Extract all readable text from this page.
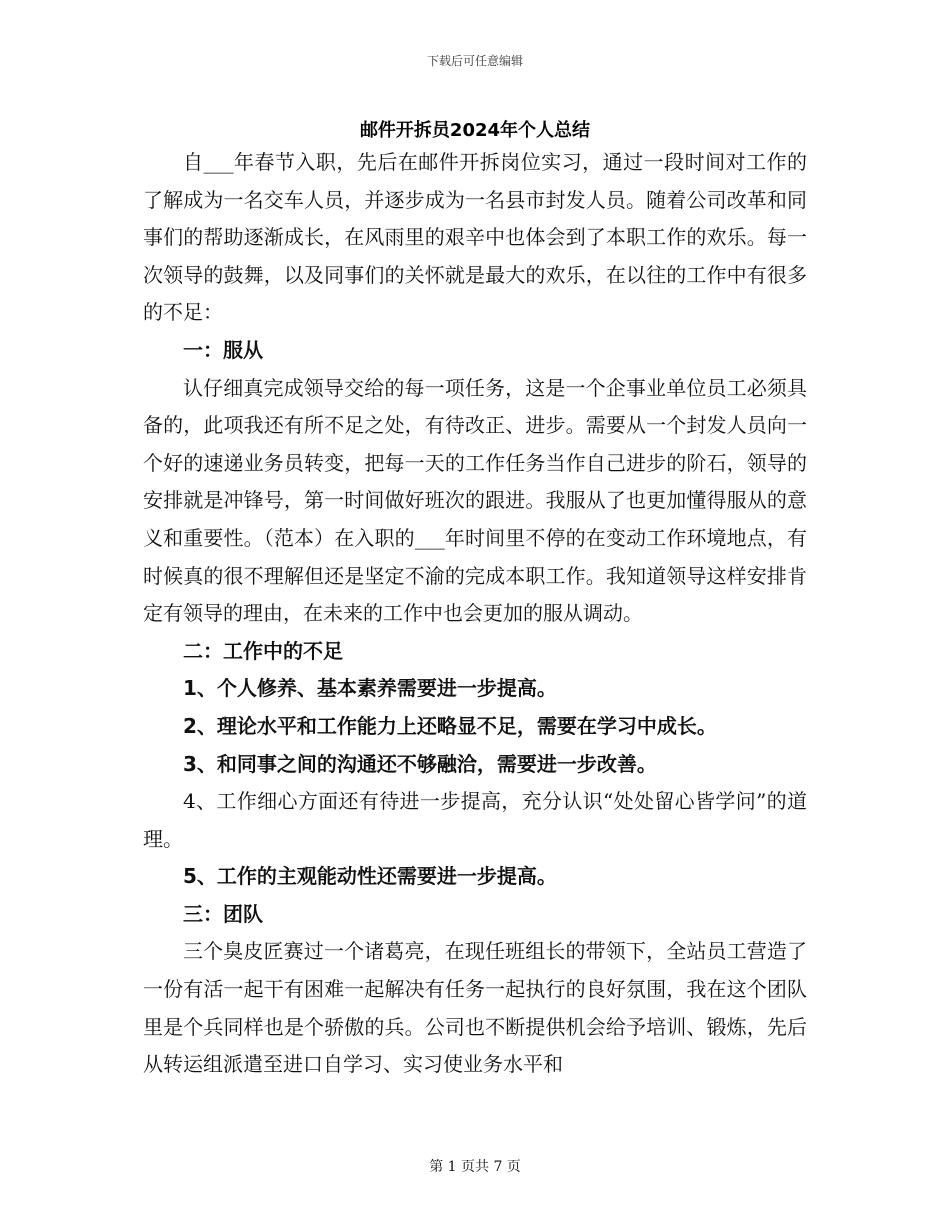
下载后可任意编辑
邮件开拆员2024年个人总结

自___年春节入职，先后在邮件开拆岗位实习，通过一段时间对工作的了解成为一名交车人员，并逐步成为一名县市封发人员。随着公司改革和同事们的帮助逐渐成长，在风雨里的艰辛中也体会到了本职工作的欢乐。每一次领导的鼓舞，以及同事们的关怀就是最大的欢乐，在以往的工作中有很多的不足：

一：服从

认仔细真完成领导交给的每一项任务，这是一个企事业单位员工必须具备的，此项我还有所不足之处，有待改正、进步。需要从一个封发人员向一个好的速递业务员转变，把每一天的工作任务当作自己进步的阶石，领导的安排就是冲锋号，第一时间做好班次的跟进。我服从了也更加懂得服从的意义和重要性。（范本）在入职的___年时间里不停的在变动工作环境地点，有时候真的很不理解但还是坚定不渝的完成本职工作。我知道领导这样安排肯定有领导的理由，在未来的工作中也会更加的服从调动。

二：工作中的不足

1、个人修养、基本素养需要进一步提高。

2、理论水平和工作能力上还略显不足，需要在学习中成长。

3、和同事之间的沟通还不够融洽，需要进一步改善。

4、工作细心方面还有待进一步提高，充分认识“处处留心皆学问”的道理。

5、工作的主观能动性还需要进一步提高。

三：团队

三个臭皮匠赛过一个诸葛亮，在现任班组长的带领下，全站员工营造了一份有活一起干有困难一起解决有任务一起执行的良好氛围，我在这个团队里是个兵同样也是个骄傲的兵。公司也不断提供机会给予培训、锻炼，先后从转运组派遣至进口自学习、实习使业务水平和

第 1 页共 7 页
